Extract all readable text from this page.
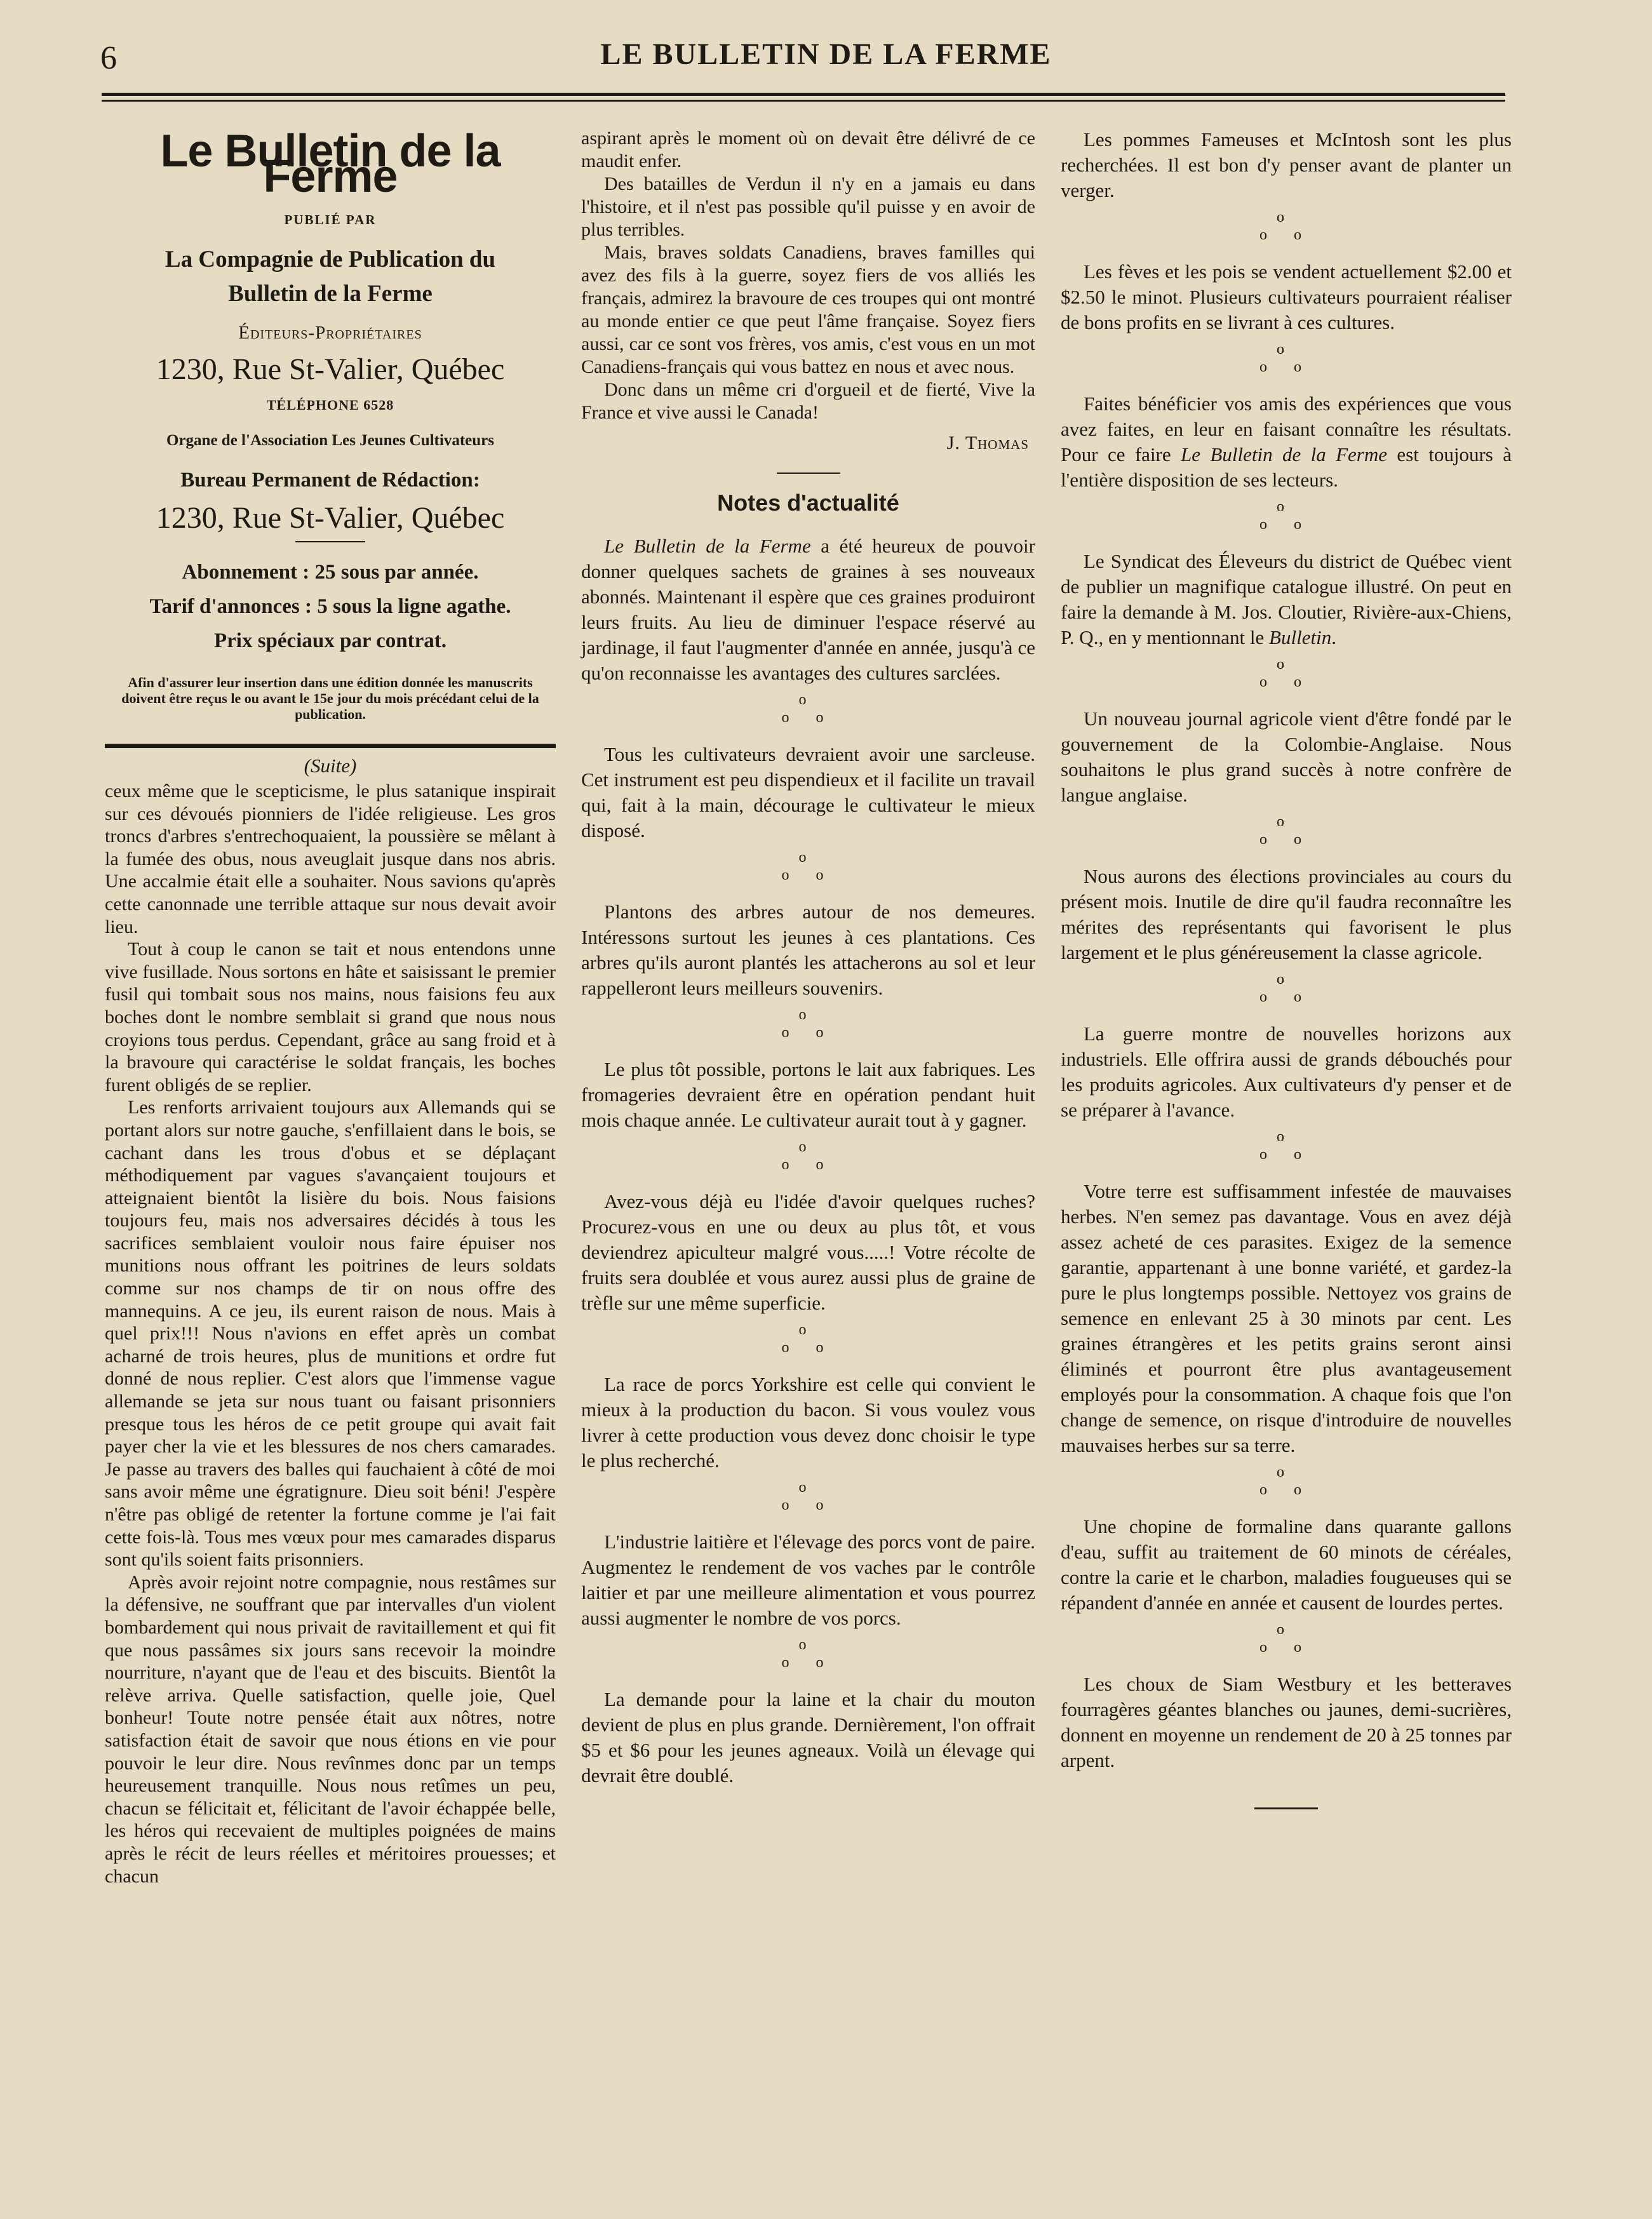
6	LE BULLETIN DE LA FERME
Le Bulletin de la Ferme
PUBLIÉ PAR
La Compagnie de Publication du
Bulletin de la Ferme
Éditeurs-Propriétaires
1230, Rue St-Valier, Québec
TÉLÉPHONE 6528
Organe de l'Association Les Jeunes Cultivateurs
Bureau Permanent de Rédaction:
1230, Rue St-Valier, Québec
Abonnement : 25 sous par année.
Tarif d'annonces : 5 sous la ligne agathe.
Prix spéciaux par contrat.
Afin d'assurer leur insertion dans une édition donnée les manuscrits doivent être reçus le ou avant le 15e jour du mois précédant celui de la publication.
(Suite)

ceux même que le scepticisme, le plus satanique inspirait sur ces dévoués pionniers de l'idée religieuse. Les gros troncs d'arbres s'entrechoquaient, la poussière se mêlant à la fumée des obus, nous aveuglait jusque dans nos abris. Une accalmie était elle a souhaiter. Nous savions qu'après cette canonnade une terrible attaque sur nous devait avoir lieu.

Tout à coup le canon se tait et nous entendons unne vive fusillade. Nous sortons en hâte et saisissant le premier fusil qui tombait sous nos mains, nous faisions feu aux boches dont le nombre semblait si grand que nous nous croyions tous perdus. Cependant, grâce au sang froid et à la bravoure qui caractérise le soldat français, les boches furent obligés de se replier.

Les renforts arrivaient toujours aux Allemands qui se portant alors sur notre gauche, s'enfillaient dans le bois, se cachant dans les trous d'obus et se déplaçant méthodiquement par vagues s'avançaient toujours et atteignaient bientôt la lisière du bois. Nous faisions toujours feu, mais nos adversaires décidés à tous les sacrifices semblaient vouloir nous faire épuiser nos munitions nous offrant les poitrines de leurs soldats comme sur nos champs de tir on nous offre des mannequins. A ce jeu, ils eurent raison de nous. Mais à quel prix!!! Nous n'avions en effet après un combat acharné de trois heures, plus de munitions et ordre fut donné de nous replier. C'est alors que l'immense vague allemande se jeta sur nous tuant ou faisant prisonniers presque tous les héros de ce petit groupe qui avait fait payer cher la vie et les blessures de nos chers camarades. Je passe au travers des balles qui fauchaient à côté de moi sans avoir même une égratignure. Dieu soit béni! J'espère n'être pas obligé de retenter la fortune comme je l'ai fait cette fois-là. Tous mes vœux pour mes camarades disparus sont qu'ils soient faits prisonniers.

Après avoir rejoint notre compagnie, nous restâmes sur la défensive, ne souffrant que par intervalles d'un violent bombardement qui nous privait de ravitaillement et qui fit que nous passâmes six jours sans recevoir la moindre nourriture, n'ayant que de l'eau et des biscuits. Bientôt la relève arriva. Quelle satisfaction, quelle joie, Quel bonheur! Toute notre pensée était aux nôtres, notre satisfaction était de savoir que nous étions en vie pour pouvoir le leur dire. Nous revînmes donc par un temps heureusement tranquille. Nous nous retîmes un peu, chacun se félicitait et, félicitant de l'avoir échappée belle, les héros qui recevaient de multiples poignées de mains après le récit de leurs réelles et méritoires prouesses; et chacun

aspirant après le moment où on devait être délivré de ce maudit enfer.

Des batailles de Verdun il n'y en a jamais eu dans l'histoire, et il n'est pas possible qu'il puisse y en avoir de plus terribles.

Mais, braves soldats Canadiens, braves familles qui avez des fils à la guerre, soyez fiers de vos alliés les français, admirez la bravoure de ces troupes qui ont montré au monde entier ce que peut l'âme française. Soyez fiers aussi, car ce sont vos frères, vos amis, c'est vous en un mot Canadiens-français qui vous battez en nous et avec nous.

Donc dans un même cri d'orgueil et de fierté, Vive la France et vive aussi le Canada!

J. Thomas

Notes d'actualité

Le Bulletin de la Ferme a été heureux de pouvoir donner quelques sachets de graines à ses nouveaux abonnés. Maintenant il espère que ces graines produiront leurs fruits. Au lieu de diminuer l'espace réservé au jardinage, il faut l'augmenter d'année en année, jusqu'à ce qu'on reconnaisse les avantages des cultures sarclées.

o
o o

Tous les cultivateurs devraient avoir une sarcleuse. Cet instrument est peu dispendieux et il facilite un travail qui, fait à la main, décourage le cultivateur le mieux disposé.

o
o o

Plantons des arbres autour de nos demeures. Intéressons surtout les jeunes à ces plantations. Ces arbres qu'ils auront plantés les attacherons au sol et leur rappelleront leurs meilleurs souvenirs.

o
o o

Le plus tôt possible, portons le lait aux fabriques. Les fromageries devraient être en opération pendant huit mois chaque année. Le cultivateur aurait tout à y gagner.

o
o o

Avez-vous déjà eu l'idée d'avoir quelques ruches? Procurez-vous en une ou deux au plus tôt, et vous deviendrez apiculteur malgré vous.....! Votre récolte de fruits sera doublée et vous aurez aussi plus de graine de trèfle sur une même superficie.

o
o o

La race de porcs Yorkshire est celle qui convient le mieux à la production du bacon. Si vous voulez vous livrer à cette production vous devez donc choisir le type le plus recherché.

o
o o

L'industrie laitière et l'élevage des porcs vont de paire. Augmentez le rendement de vos vaches par le contrôle laitier et par une meilleure alimentation et vous pourrez aussi augmenter le nombre de vos porcs.

o
o o

La demande pour la laine et la chair du mouton devient de plus en plus grande. Dernièrement, l'on offrait $5 et $6 pour les jeunes agneaux. Voilà un élevage qui devrait être doublé.

Les pommes Fameuses et McIntosh sont les plus recherchées. Il est bon d'y penser avant de planter un verger.

o
o o

Les fèves et les pois se vendent actuellement $2.00 et $2.50 le minot. Plusieurs cultivateurs pourraient réaliser de bons profits en se livrant à ces cultures.

o
o o

Faites bénéficier vos amis des expériences que vous avez faites, en leur en faisant connaître les résultats. Pour ce faire Le Bulletin de la Ferme est toujours à l'entière disposition de ses lecteurs.

o
o o

Le Syndicat des Éleveurs du district de Québec vient de publier un magnifique catalogue illustré. On peut en faire la demande à M. Jos. Cloutier, Rivière-aux-Chiens, P. Q., en y mentionnant le Bulletin.

o
o o

Un nouveau journal agricole vient d'être fondé par le gouvernement de la Colombie-Anglaise. Nous souhaitons le plus grand succès à notre confrère de langue anglaise.

o
o o

Nous aurons des élections provinciales au cours du présent mois. Inutile de dire qu'il faudra reconnaître les mérites des représentants qui favorisent le plus largement et le plus généreusement la classe agricole.

o
o o

La guerre montre de nouvelles horizons aux industriels. Elle offrira aussi de grands débouchés pour les produits agricoles. Aux cultivateurs d'y penser et de se préparer à l'avance.

o
o o

Votre terre est suffisamment infestée de mauvaises herbes. N'en semez pas davantage. Vous en avez déjà assez acheté de ces parasites. Exigez de la semence garantie, appartenant à une bonne variété, et gardez-la pure le plus longtemps possible. Nettoyez vos grains de semence en enlevant 25 à 30 minots par cent. Les graines étrangères et les petits grains seront ainsi éliminés et pourront être plus avantageusement employés pour la consommation. A chaque fois que l'on change de semence, on risque d'introduire de nouvelles mauvaises herbes sur sa terre.

o
o o

Une chopine de formaline dans quarante gallons d'eau, suffit au traitement de 60 minots de céréales, contre la carie et le charbon, maladies fougueuses qui se répandent d'année en année et causent de lourdes pertes.

o
o o

Les choux de Siam Westbury et les betteraves fourragères géantes blanches ou jaunes, demi-sucrières, donnent en moyenne un rendement de 20 à 25 tonnes par arpent.
